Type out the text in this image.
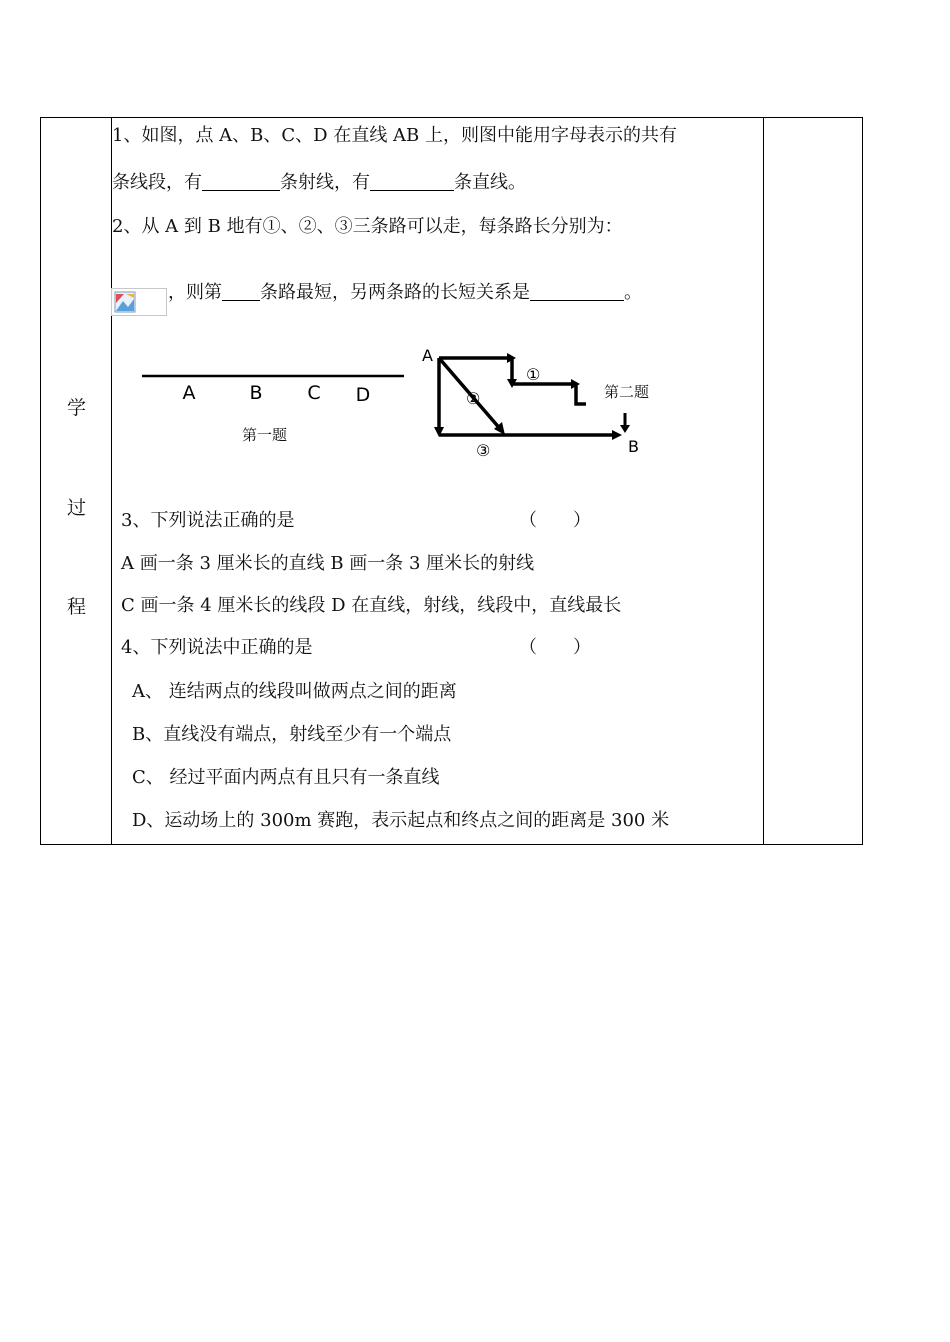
学
过
程
1、如图，点 A、B、C、D 在直线 AB 上，则图中能用字母表示的共有
条线段，有	条射线，有	条直线。
2、从 A 到 B 地有①、②、③三条路可以走，每条路长分别为：
，则第 条路最短，另两条路的长短关系是	。
A	B C D
第一题
A
①
②
③	B
第二题
3、下列说法正确的是	（　　）
A 画一条 3 厘米长的直线 B 画一条 3 厘米长的射线
C 画一条 4 厘米长的线段 D 在直线，射线，线段中，直线最长
4、下列说法中正确的是	（　　）
A、 连结两点的线段叫做两点之间的距离
B、直线没有端点，射线至少有一个端点
C、 经过平面内两点有且只有一条直线
D、运动场上的 300m 赛跑，表示起点和终点之间的距离是 300 米
